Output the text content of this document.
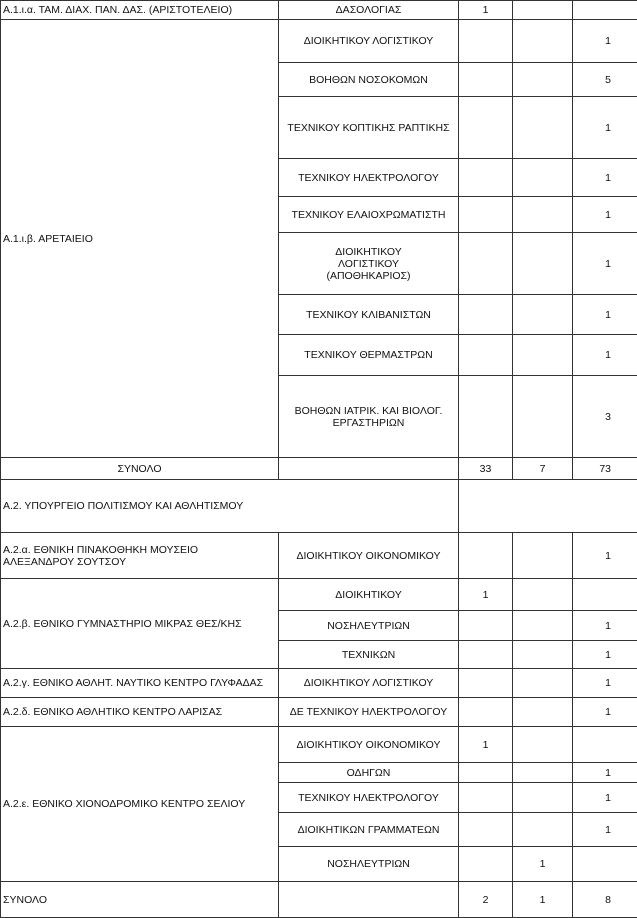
Α.1.ι.α. ΤΑΜ. ΔΙΑΧ. ΠΑΝ. ΔΑΣ. (ΑΡΙΣΤΟΤΕΛΕΙΟ)	ΔΑΣΟΛΟΓΙΑΣ	1		
Α.1.ι.β. ΑΡΕΤΑΙΕΙΟ	ΔΙΟΙΚΗΤΙΚΟΥ ΛΟΓΙΣΤΙΚΟΥ			1
	ΒΟΗΘΩΝ ΝΟΣΟΚΟΜΩΝ			5
	ΤΕΧΝΙΚΟΥ ΚΟΠΤΙΚΗΣ ΡΑΠΤΙΚΗΣ			1
	ΤΕΧΝΙΚΟΥ ΗΛΕΚΤΡΟΛΟΓΟΥ			1
	ΤΕΧΝΙΚΟΥ ΕΛΑΙΟΧΡΩΜΑΤΙΣΤΗ			1

	ΔΙΟΙΚΗΤΙΚΟΥ
ΛΟΓΙΣΤΙΚΟΥ
(ΑΠΟΘΗΚΑΡΙΟΣ)			1
	ΤΕΧΝΙΚΟΥ ΚΛΙΒΑΝΙΣΤΩΝ			1
	ΤΕΧΝΙΚΟΥ ΘΕΡΜΑΣΤΡΩΝ			1

	ΒΟΗΘΩΝ ΙΑΤΡΙΚ. ΚΑΙ ΒΙΟΛΟΓ.
ΕΡΓΑΣΤΗΡΙΩΝ			3
ΣΥΝΟΛΟ		33	7	73
Α.2. ΥΠΟΥΡΓΕΙΟ ΠΟΛΙΤΙΣΜΟΥ ΚΑΙ ΑΘΛΗΤΙΣΜΟΥ				

Α.2.α. ΕΘΝΙΚΗ ΠΙΝΑΚΟΘΗΚΗ ΜΟΥΣΕΙΟ
ΑΛΕΞΑΝΔΡΟΥ ΣΟΥΤΣΟΥ	ΔΙΟΙΚΗΤΙΚΟΥ ΟΙΚΟΝΟΜΙΚΟΥ			1
Α.2.β. ΕΘΝΙΚΟ ΓΥΜΝΑΣΤΗΡΙΟ ΜΙΚΡΑΣ ΘΕΣ/ΚΗΣ	ΔΙΟΙΚΗΤΙΚΟΥ	1		
	ΝΟΣΗΛΕΥΤΡΙΩΝ			1
	ΤΕΧΝΙΚΩΝ			1
Α.2.γ. ΕΘΝΙΚΟ ΑΘΛΗΤ. ΝΑΥΤΙΚΟ ΚΕΝΤΡΟ ΓΛΥΦΑΔΑΣ	ΔΙΟΙΚΗΤΙΚΟΥ ΛΟΓΙΣΤΙΚΟΥ			1
Α.2.δ. ΕΘΝΙΚΟ ΑΘΛΗΤΙΚΟ ΚΕΝΤΡΟ ΛΑΡΙΣΑΣ	ΔΕ ΤΕΧΝΙΚΟΥ ΗΛΕΚΤΡΟΛΟΓΟΥ			1
Α.2.ε. ΕΘΝΙΚΟ ΧΙΟΝΟΔΡΟΜΙΚΟ ΚΕΝΤΡΟ ΣΕΛΙΟΥ	ΔΙΟΙΚΗΤΙΚΟΥ ΟΙΚΟΝΟΜΙΚΟΥ	1		
	ΟΔΗΓΩΝ			1
	ΤΕΧΝΙΚΟΥ ΗΛΕΚΤΡΟΛΟΓΟΥ			1
	ΔΙΟΙΚΗΤΙΚΩΝ ΓΡΑΜΜΑΤΕΩΝ			1
	ΝΟΣΗΛΕΥΤΡΙΩΝ		1	
ΣΥΝΟΛΟ		2	1	8
